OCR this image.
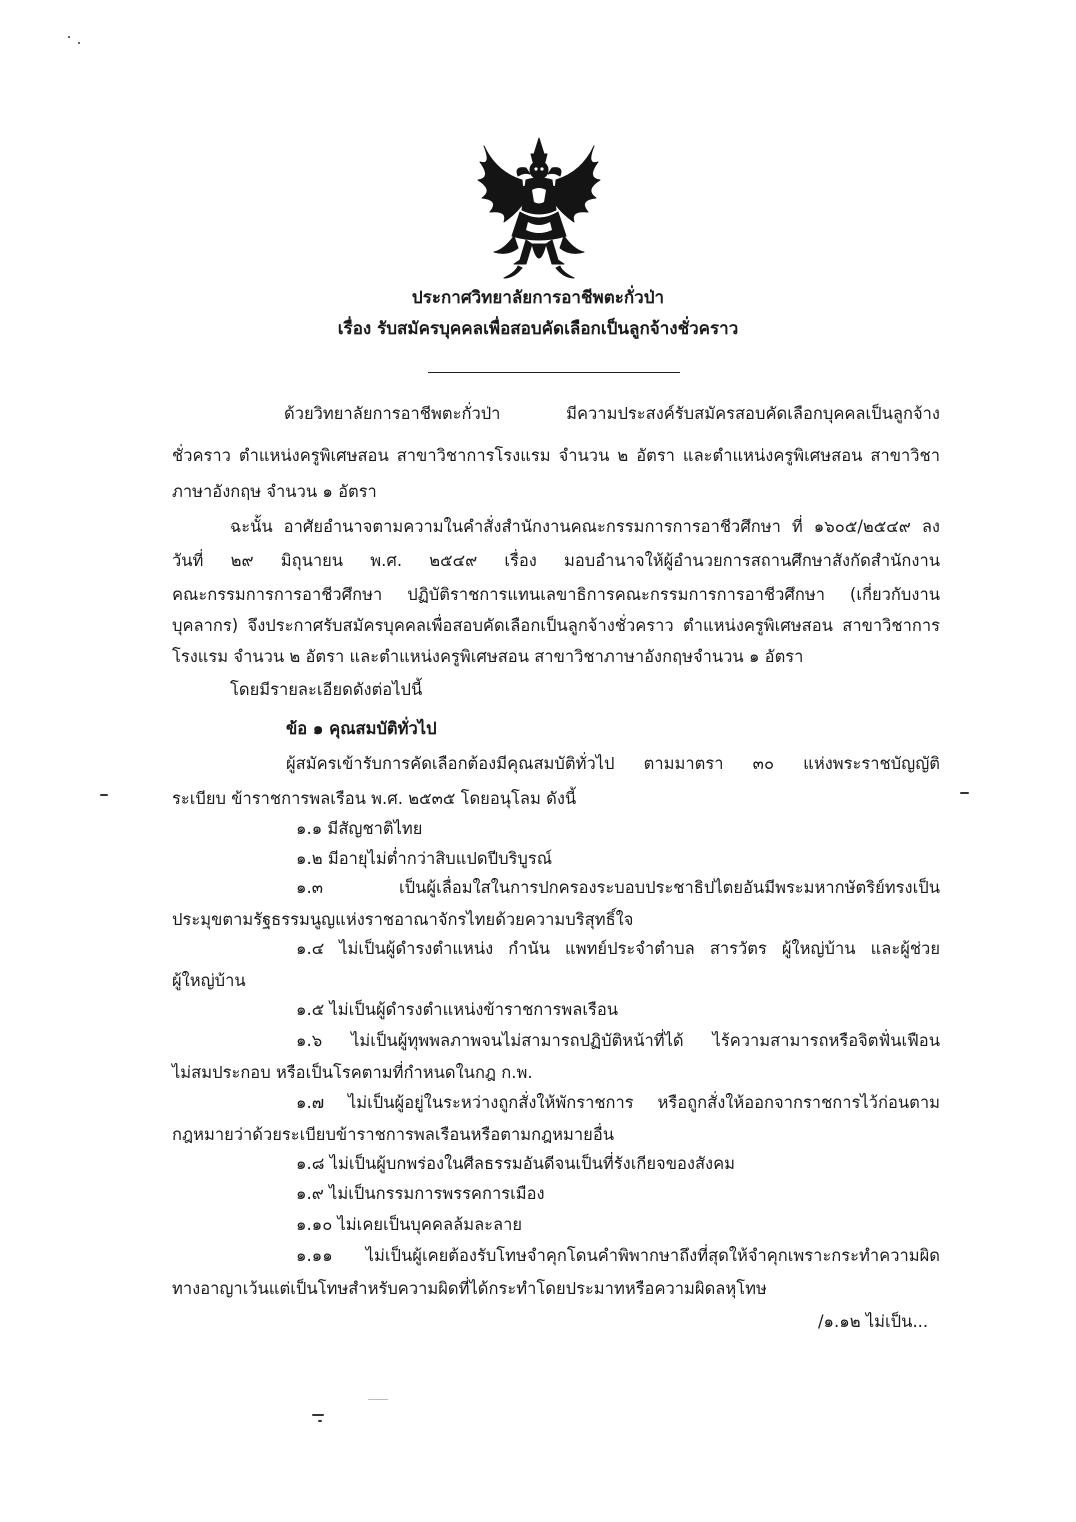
ประกาศวิทยาลัยการอาชีพตะกั่วป่า
เรื่อง รับสมัครบุคคลเพื่อสอบคัดเลือกเป็นลูกจ้างชั่วคราว
ด้วยวิทยาลัยการอาชีพตะกั่วป่า มีความประสงค์รับสมัครสอบคัดเลือกบุคคลเป็นลูกจ้าง
ชั่วคราว ตำแหน่งครูพิเศษสอน สาขาวิชาการโรงแรม จำนวน ๒ อัตรา และตำแหน่งครูพิเศษสอน สาขาวิชา
ภาษาอังกฤษ จำนวน ๑ อัตรา
ฉะนั้น อาศัยอำนาจตามความในคำสั่งสำนักงานคณะกรรมการการอาชีวศึกษา ที่ ๑๖๐๕/๒๕๔๙ ลง
วันที่ ๒๙ มิถุนายน พ.ศ. ๒๕๔๙ เรื่อง มอบอำนาจให้ผู้อำนวยการสถานศึกษาสังกัดสำนักงาน
คณะกรรมการการอาชีวศึกษา ปฏิบัติราชการแทนเลขาธิการคณะกรรมการการอาชีวศึกษา (เกี่ยวกับงาน
บุคลากร) จึงประกาศรับสมัครบุคคลเพื่อสอบคัดเลือกเป็นลูกจ้างชั่วคราว ตำแหน่งครูพิเศษสอน สาขาวิชาการ
โรงแรม จำนวน ๒ อัตรา และตำแหน่งครูพิเศษสอน สาขาวิชาภาษาอังกฤษจำนวน ๑ อัตรา
โดยมีรายละเอียดดังต่อไปนี้
ข้อ ๑ คุณสมบัติทั่วไป
ผู้สมัครเข้ารับการคัดเลือกต้องมีคุณสมบัติทั่วไป ตามมาตรา ๓๐ แห่งพระราชบัญญัติ
ระเบียบ ข้าราชการพลเรือน พ.ศ. ๒๕๓๕ โดยอนุโลม ดังนี้
๑.๑ มีสัญชาติไทย
๑.๒ มีอายุไม่ต่ำกว่าสิบแปดปีบริบูรณ์
๑.๓ เป็นผู้เลื่อมใสในการปกครองระบอบประชาธิปไตยอันมีพระมหากษัตริย์ทรงเป็น
ประมุขตามรัฐธรรมนูญแห่งราชอาณาจักรไทยด้วยความบริสุทธิ์ใจ
๑.๔ ไม่เป็นผู้ดำรงตำแหน่ง กำนัน แพทย์ประจำตำบล สารวัตร ผู้ใหญ่บ้าน และผู้ช่วย
ผู้ใหญ่บ้าน
๑.๕ ไม่เป็นผู้ดำรงตำแหน่งข้าราชการพลเรือน
๑.๖ ไม่เป็นผู้ทุพพลภาพจนไม่สามารถปฏิบัติหน้าที่ได้ ไร้ความสามารถหรือจิตฟั่นเฟือน
ไม่สมประกอบ หรือเป็นโรคตามที่กำหนดในกฎ ก.พ.
๑.๗ ไม่เป็นผู้อยู่ในระหว่างถูกสั่งให้พักราชการ หรือถูกสั่งให้ออกจากราชการไว้ก่อนตาม
กฎหมายว่าด้วยระเบียบข้าราชการพลเรือนหรือตามกฎหมายอื่น
๑.๘ ไม่เป็นผู้บกพร่องในศีลธรรมอันดีจนเป็นที่รังเกียจของสังคม
๑.๙ ไม่เป็นกรรมการพรรคการเมือง
๑.๑๐ ไม่เคยเป็นบุคคลล้มละลาย
๑.๑๑ ไม่เป็นผู้เคยต้องรับโทษจำคุกโดนคำพิพากษาถึงที่สุดให้จำคุกเพราะกระทำความผิด
ทางอาญาเว้นแต่เป็นโทษสำหรับความผิดที่ได้กระทำโดยประมาทหรือความผิดลหุโทษ
/๑.๑๒ ไม่เป็น...
